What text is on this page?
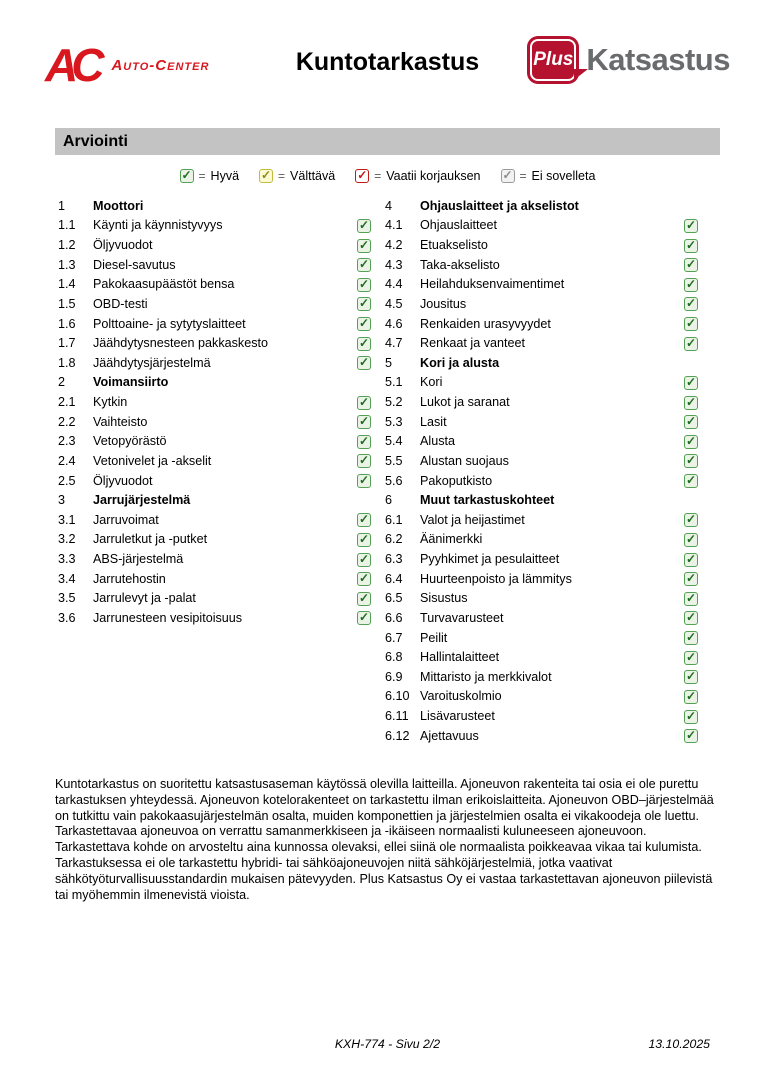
AC Auto-Center	Kuntotarkastus	Plus Katsastus
Arviointi
✓ = Hyvä ✓ = Välttävä ✓ = Vaatii korjauksen ✓ = Ei sovelleta
1	Moottori
1.1	Käynti ja käynnistyvyys	✓
1.2	Öljyvuodot	✓
1.3	Diesel-savutus	✓
1.4	Pakokaasupäästöt bensa	✓
1.5	OBD-testi	✓
1.6	Polttoaine- ja sytytyslaitteet	✓
1.7	Jäähdytysnesteen pakkaskesto	✓
1.8	Jäähdytysjärjestelmä	✓
2	Voimansiirto
2.1	Kytkin	✓
2.2	Vaihteisto	✓
2.3	Vetopyörästö	✓
2.4	Vetonivelet ja -akselit	✓
2.5	Öljyvuodot	✓
3	Jarrujärjestelmä
3.1	Jarruvoimat	✓
3.2	Jarruletkut ja -putket	✓
3.3	ABS-järjestelmä	✓
3.4	Jarrutehostin	✓
3.5	Jarrulevyt ja -palat	✓
3.6	Jarrunesteen vesipitoisuus	✓
4	Ohjauslaitteet ja akselistot
4.1	Ohjauslaitteet	✓
4.2	Etuakselisto	✓
4.3	Taka-akselisto	✓
4.4	Heilahduksenvaimentimet	✓
4.5	Jousitus	✓
4.6	Renkaiden urasyvyydet	✓
4.7	Renkaat ja vanteet	✓
5	Kori ja alusta
5.1	Kori	✓
5.2	Lukot ja saranat	✓
5.3	Lasit	✓
5.4	Alusta	✓
5.5	Alustan suojaus	✓
5.6	Pakoputkisto	✓
6	Muut tarkastuskohteet
6.1	Valot ja heijastimet	✓
6.2	Äänimerkki	✓
6.3	Pyyhkimet ja pesulaitteet	✓
6.4	Huurteenpoisto ja lämmitys	✓
6.5	Sisustus	✓
6.6	Turvavarusteet	✓
6.7	Peilit	✓
6.8	Hallintalaitteet	✓
6.9	Mittaristo ja merkkivalot	✓
6.10 Varoituskolmio	✓
6.11 Lisävarusteet	✓
6.12 Ajettavuus	✓
Kuntotarkastus on suoritettu katsastusaseman käytössä olevilla laitteilla. Ajoneuvon rakenteita tai osia ei ole purettu tarkastuksen yhteydessä. Ajoneuvon kotelorakenteet on tarkastettu ilman erikoislaitteita. Ajoneuvon OBD–järjestelmää on tutkittu vain pakokaasujärjestelmän osalta, muiden komponettien ja järjestelmien osalta ei vikakoodeja ole luettu. Tarkastettavaa ajoneuvoa on verrattu samanmerkkiseen ja -ikäiseen normaalisti kuluneeseen ajoneuvoon. Tarkastettava kohde on arvosteltu aina kunnossa olevaksi, ellei siinä ole normaalista poikkeavaa vikaa tai kulumista. Tarkastuksessa ei ole tarkastettu hybridi- tai sähköajoneuvojen niitä sähköjärjestelmiä, jotka vaativat sähkötyöturvallisuusstandardin mukaisen pätevyyden. Plus Katsastus Oy ei vastaa tarkastettavan ajoneuvon piilevistä tai myöhemmin ilmenevistä vioista.
KXH-774 - Sivu 2/2	13.10.2025
